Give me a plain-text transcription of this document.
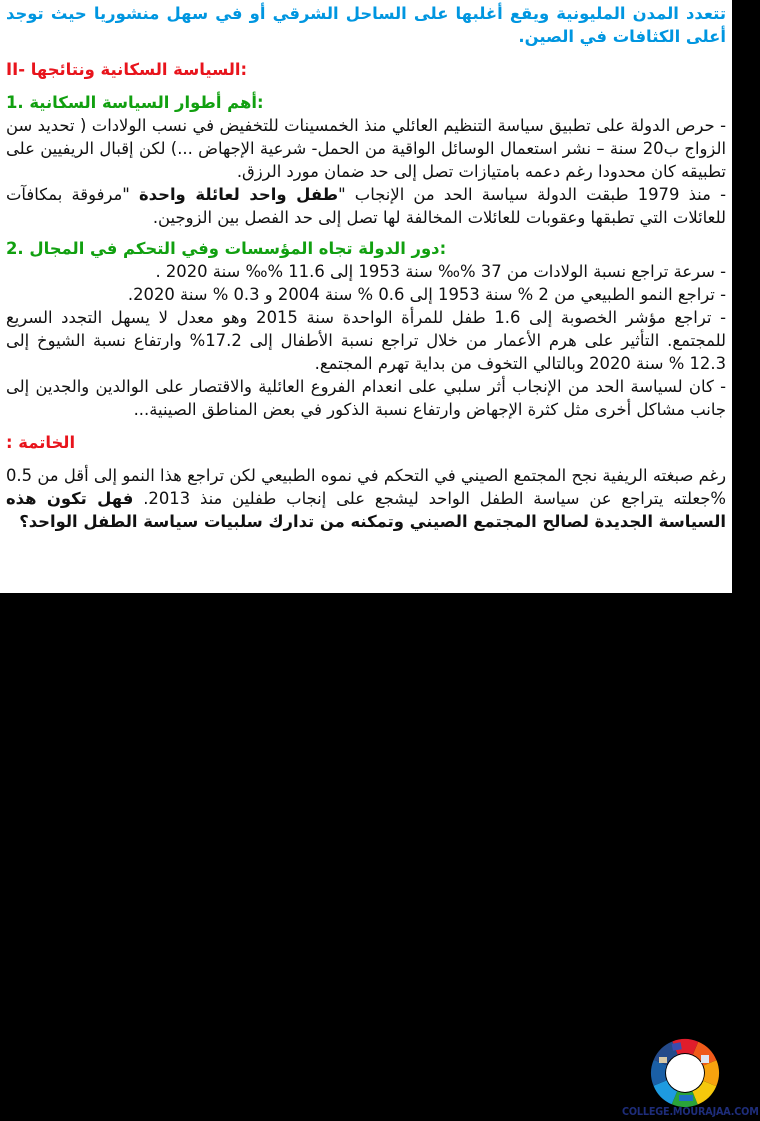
تتعدد المدن المليونية ويقع أغلبها على الساحل الشرقي أو في سهل منشوريا حيث توجد أعلى الكثافات في الصين.

II- السياسة السكانية ونتائجها:

1. أهم أطوار السياسة السكانية:

- حرص الدولة على تطبيق سياسة التنظيم العائلي منذ الخمسينات للتخفيض في نسب الولادات ( تحديد سن الزواج ب20 سنة – نشر استعمال الوسائل الواقية من الحمل- شرعية الإجهاض ...) لكن إقبال الريفيين على تطبيقه كان محدودا رغم دعمه بامتيازات تصل إلى حد ضمان مورد الرزق.

- منذ 1979 طبقت الدولة سياسة الحد من الإنجاب "طفل واحد لعائلة واحدة "مرفوقة بمكافآت للعائلات التي تطبقها وعقوبات للعائلات المخالفة لها تصل إلى حد الفصل بين الزوجين.

2. دور الدولة تجاه المؤسسات وفي التحكم في المجال:

- سرعة تراجع نسبة الولادات من 37 %‰ سنة 1953 إلى 11.6 %‰ سنة 2020 .

- تراجع النمو الطبيعي من 2 % سنة 1953 إلى 0.6 % سنة 2004 و 0.3 % سنة 2020.

- تراجع مؤشر الخصوبة إلى 1.6 طفل للمرأة الواحدة سنة 2015 وهو معدل لا يسهل التجدد السريع للمجتمع. التأثير على هرم الأعمار من خلال تراجع نسبة الأطفال إلى 17.2% وارتفاع نسبة الشيوخ إلى 12.3 % سنة 2020 وبالتالي التخوف من بداية تهرم المجتمع.

- كان لسياسة الحد من الإنجاب أثر سلبي على انعدام الفروع العائلية والاقتصار على الوالدين والجدين إلى جانب مشاكل أخرى مثل كثرة الإجهاض وارتفاع نسبة الذكور في بعض المناطق الصينية...

الخاتمة :

رغم صبغته الريفية نجح المجتمع الصيني في التحكم في نموه الطبيعي لكن تراجع هذا النمو إلى أقل من 0.5 %جعلته يتراجع عن سياسة الطفل الواحد ليشجع على إنجاب طفلين منذ 2013. فهل تكون هذه السياسة الجديدة لصالح المجتمع الصيني وتمكنه من تدارك سلبيات سياسة الطفل الواحد؟

COLLEGE.MOURAJAA.COM
